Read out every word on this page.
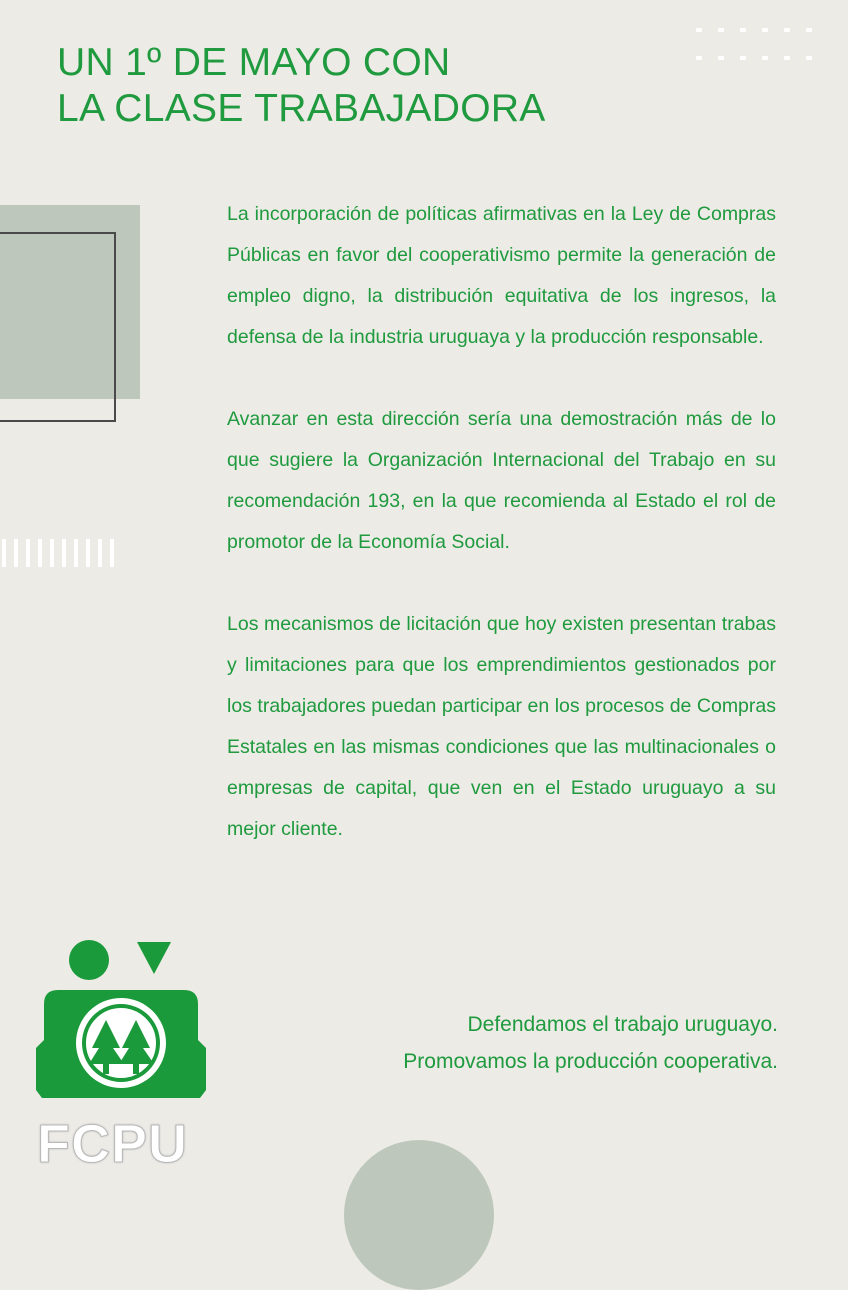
UN 1º DE MAYO CON
LA CLASE TRABAJADORA

La incorporación de políticas afirmativas en la Ley de Compras Públicas en favor del cooperativismo permite la generación de empleo digno, la distribución equitativa de los ingresos, la defensa de la industria uruguaya y la producción responsable.

Avanzar en esta dirección sería una demostración más de lo que sugiere la Organización Internacional del Trabajo en su recomendación 193, en la que recomienda al Estado el rol de promotor de la Economía Social.

Los mecanismos de licitación que hoy existen presentan trabas y limitaciones para que los emprendimientos gestionados por los trabajadores puedan participar en los procesos de Compras Estatales en las mismas condiciones que las multinacionales o empresas de capital, que ven en el Estado uruguayo a su mejor cliente.

Defendamos el trabajo uruguayo.
Promovamos la producción cooperativa.
FCPU
